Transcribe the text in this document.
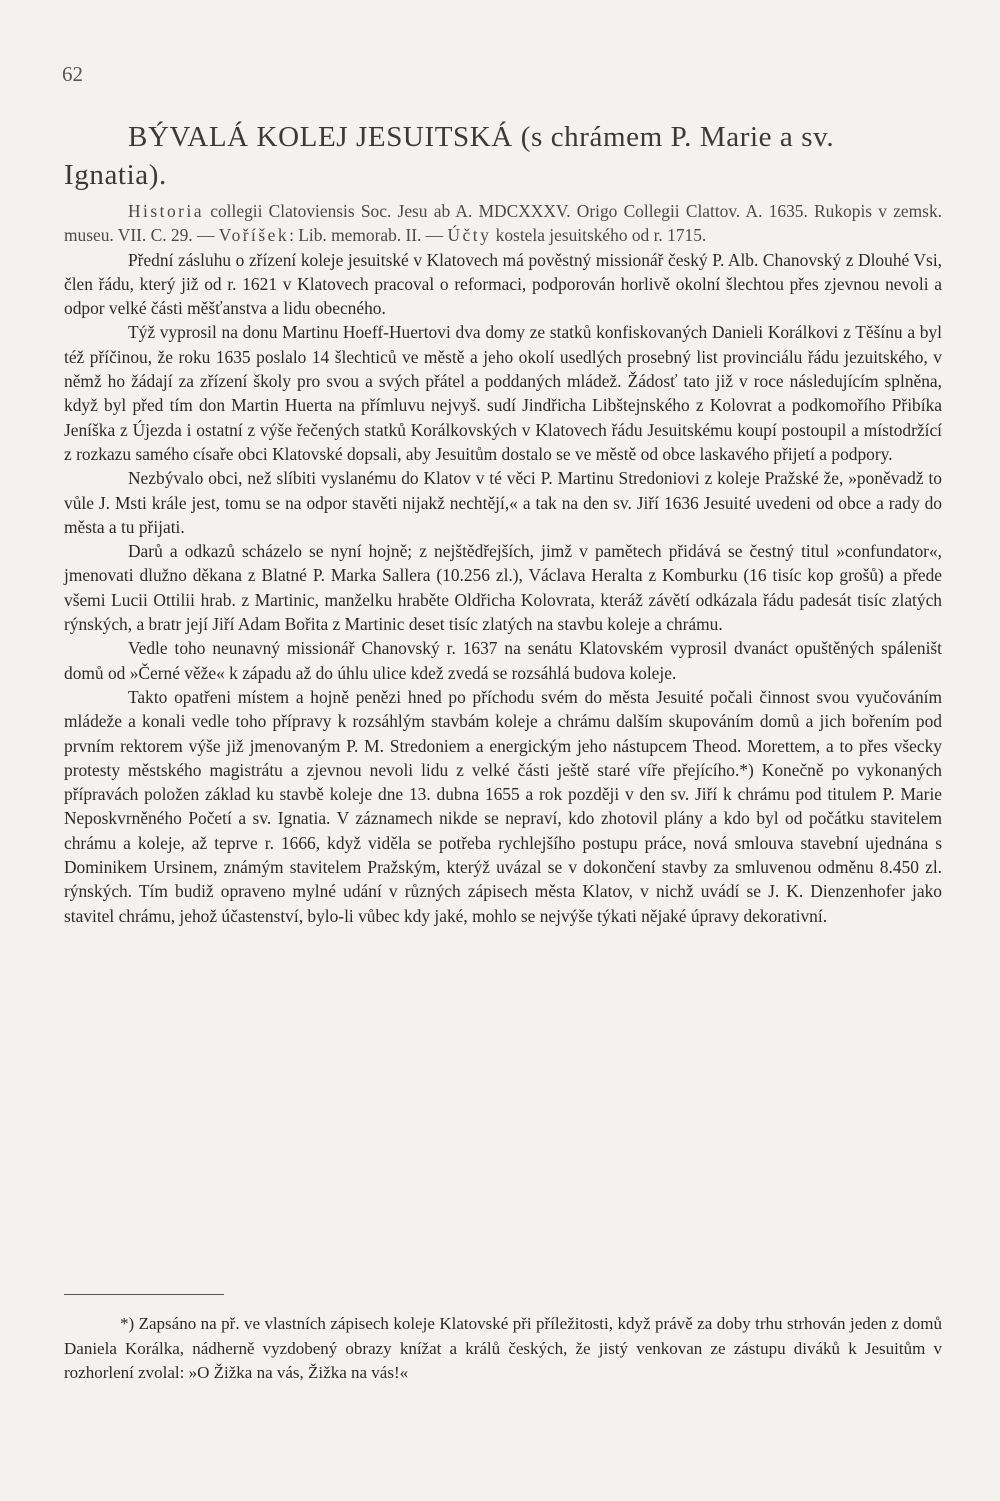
62
BÝVALÁ KOLEJ JESUITSKÁ (s chrámem P. Marie a sv. Ignatia).

Historia collegii Clatoviensis Soc. Jesu ab A. MDCXXXV. Origo Collegii Clattov. A. 1635. Rukopis v zemsk. museu. VII. C. 29. — Voříšek: Lib. memorab. II. — Účty kostela jesuitského od r. 1715.

Přední zásluhu o zřízení koleje jesuitské v Klatovech má pověstný missionář český P. Alb. Chanovský z Dlouhé Vsi, člen řádu, který již od r. 1621 v Klatovech pracoval o reformaci, podporován horlivě okolní šlechtou přes zjevnou nevoli a odpor velké části měšťanstva a lidu obecného.

Týž vyprosil na donu Martinu Hoeff-Huertovi dva domy ze statků konfiskovaných Danieli Korálkovi z Těšínu a byl též příčinou, že roku 1635 poslalo 14 šlechticů ve městě a jeho okolí usedlých prosebný list provinciálu řádu jezuitského, v němž ho žádají za zřízení školy pro svou a svých přátel a poddaných mládež. Žádosť tato již v roce následujícím splněna, když byl před tím don Martin Huerta na přímluvu nejvyš. sudí Jindřicha Libštejnského z Kolovrat a podkomořího Přibíka Jeníška z Újezda i ostatní z výše řečených statků Korálkovských v Klatovech řádu Jesuitskému koupí postoupil a místodržící z rozkazu samého císaře obci Klatovské dopsali, aby Jesuitům dostalo se ve městě od obce laskavého přijetí a podpory.

Nezbývalo obci, než slíbiti vyslanému do Klatov v té věci P. Martinu Stredoniovi z koleje Pražské že, »poněvadž to vůle J. Msti krále jest, tomu se na odpor stavěti nijakž nechtějí,« a tak na den sv. Jiří 1636 Jesuité uvedeni od obce a rady do města a tu přijati.

Darů a odkazů scházelo se nyní hojně; z nejštědřejších, jimž v pamětech přidává se čestný titul »confundator«, jmenovati dlužno děkana z Blatné P. Marka Sallera (10.256 zl.), Václava Heralta z Komburku (16 tisíc kop grošů) a předе všemi Lucii Ottilii hrab. z Martinic, manželku hraběte Oldřicha Kolovrata, kteráž závětí odkázala řádu padesát tisíc zlatých rýnských, a bratr její Jiří Adam Bořita z Martinic deset tisíc zlatých na stavbu koleje a chrámu.

Vedle toho neunavný missionář Chanovský r. 1637 na senátu Klatovském vyprosil dvanáct opuštěných spáleništ domů od »Černé věže« k západu až do úhlu ulice kdež zvedá se rozsáhlá budova koleje.

Takto opatřeni místem a hojně penězi hned po příchodu svém do města Jesuité počali činnost svou vyučováním mládeže a konali vedle toho přípravy k rozsáhlým stavbám koleje a chrámu dalším skupováním domů a jich bořením pod prvním rektorem výše již jmenovaným P. M. Stredoniem a energickým jeho nástupcem Theod. Morettem, a to přes všecky protesty městského magistrátu a zjevnou nevoli lidu z velké části ještě staré víře přejícího.*) Konečně po vykonaných přípravách položen základ ku stavbě koleje dne 13. dubna 1655 a rok později v den sv. Jiří k chrámu pod titulem P. Marie Neposkvrněného Početí a sv. Ignatia. V záznamech nikde se nepraví, kdo zhotovil plány a kdo byl od počátku stavitelem chrámu a koleje, až teprve r. 1666, když viděla se potřeba rychlejšího postupu práce, nová smlouva stavební ujednána s Dominikem Ursinem, známým stavitelem Pražským, kterýž uvázal se v dokončení stavby za smluvenou odměnu 8.450 zl. rýnských. Tím budiž opraveno mylné udání v různých zápisech města Klatov, v nichž uvádí se J. K. Dienzenhofer jako stavitel chrámu, jehož účastenství, bylo-li vůbec kdy jaké, mohlo se nejvýše týkati nějaké úpravy dekorativní.

*) Zapsáno na př. ve vlastních zápisech koleje Klatovské při příležitosti, když právě za doby trhu strhován jeden z domů Daniela Korálka, nádherně vyzdobený obrazy knížat a králů českých, že jistý venkovan ze zástupu diváků k Jesuitům v rozhorlení zvolal: »O Žižka na vás, Žižka na vás!«
